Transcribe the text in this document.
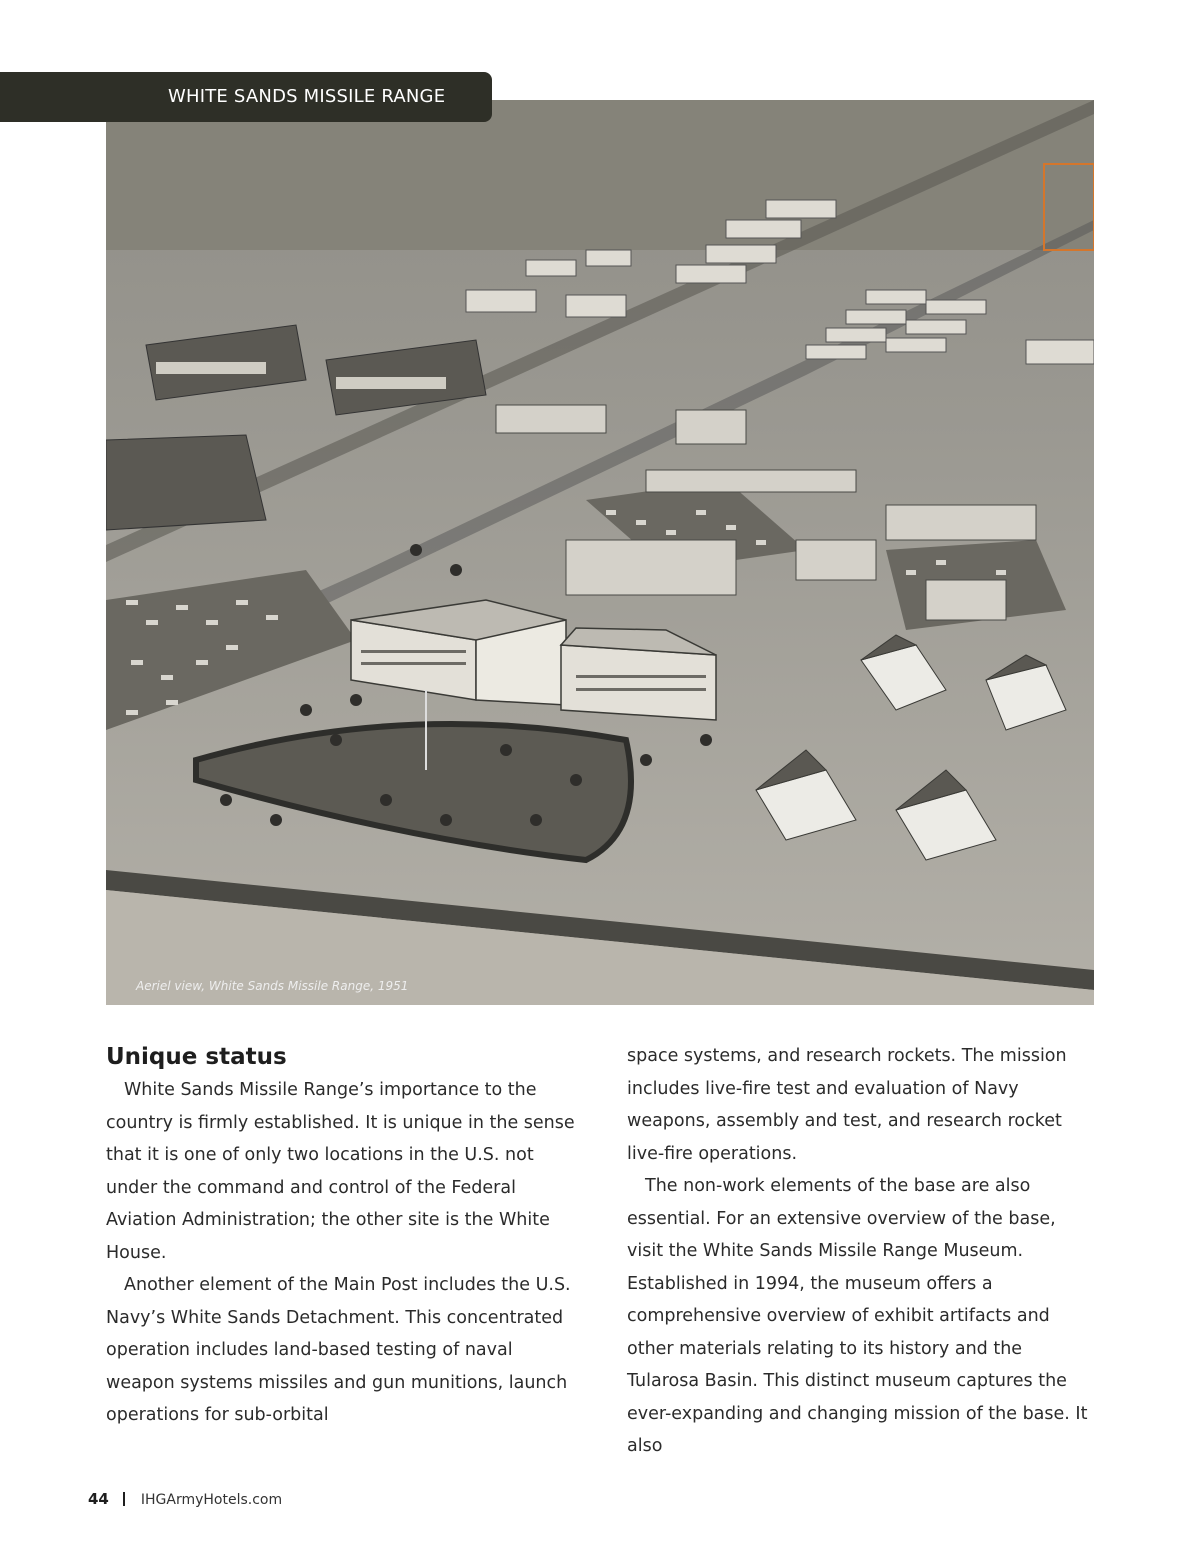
WHITE SANDS MISSILE RANGE
Aeriel view, White Sands Missile Range, 1951
Unique status

White Sands Missile Range’s importance to the country is firmly established. It is unique in the sense that it is one of only two locations in the U.S. not under the command and control of the Federal Aviation Administration; the other site is the White House.

Another element of the Main Post includes the U.S. Navy’s White Sands Detachment. This concentrated operation includes land-based testing of naval weapon systems missiles and gun munitions, launch operations for sub-orbital

space systems, and research rockets. The mission includes live-fire test and evaluation of Navy weapons, assembly and test, and research rocket live-fire operations.

The non-work elements of the base are also essential. For an extensive overview of the base, visit the White Sands Missile Range Museum. Established in 1994, the museum offers a comprehensive overview of exhibit artifacts and other materials relating to its history and the Tularosa Basin. This distinct museum captures the ever-expanding and changing mission of the base. It also

44 IHGArmyHotels.com
